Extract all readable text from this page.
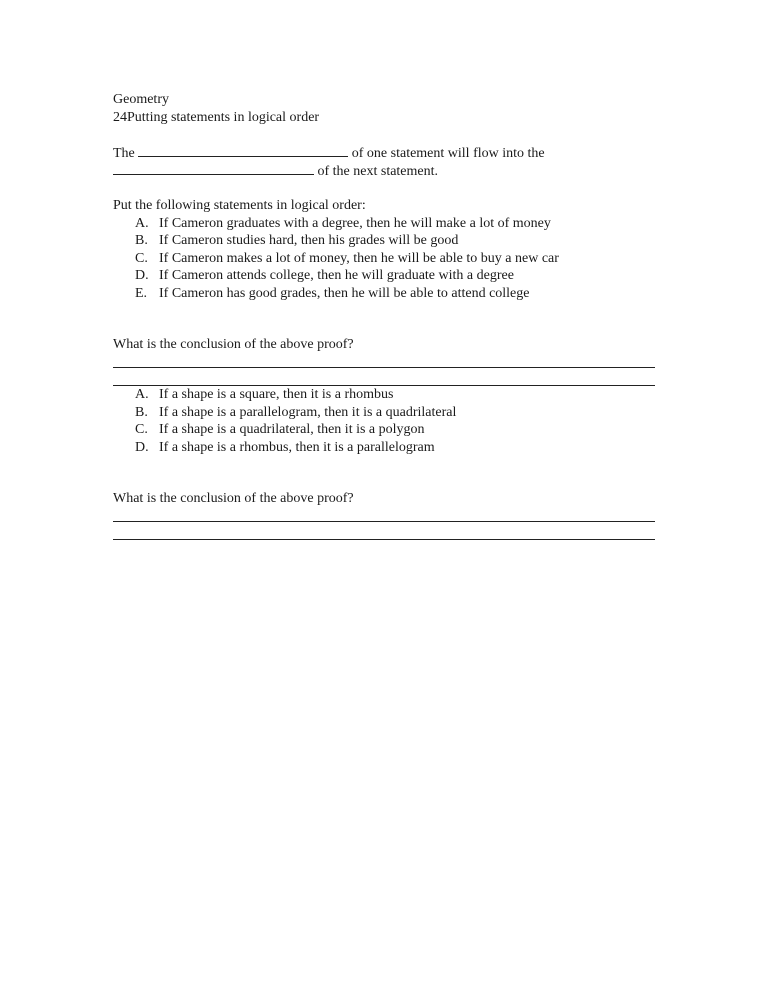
Geometry
24Putting statements in logical order
The	of one statement will flow into the
of the next statement.
Put the following statements in logical order:
A. If Cameron graduates with a degree, then he will make a lot of money
B. If Cameron studies hard, then his grades will be good
C. If Cameron makes a lot of money, then he will be able to buy a new car
D. If Cameron attends college, then he will graduate with a degree
E. If Cameron has good grades, then he will be able to attend college
What is the conclusion of the above proof?
A. If a shape is a square, then it is a rhombus
B. If a shape is a parallelogram, then it is a quadrilateral
C. If a shape is a quadrilateral, then it is a polygon
D. If a shape is a rhombus, then it is a parallelogram
What is the conclusion of the above proof?
